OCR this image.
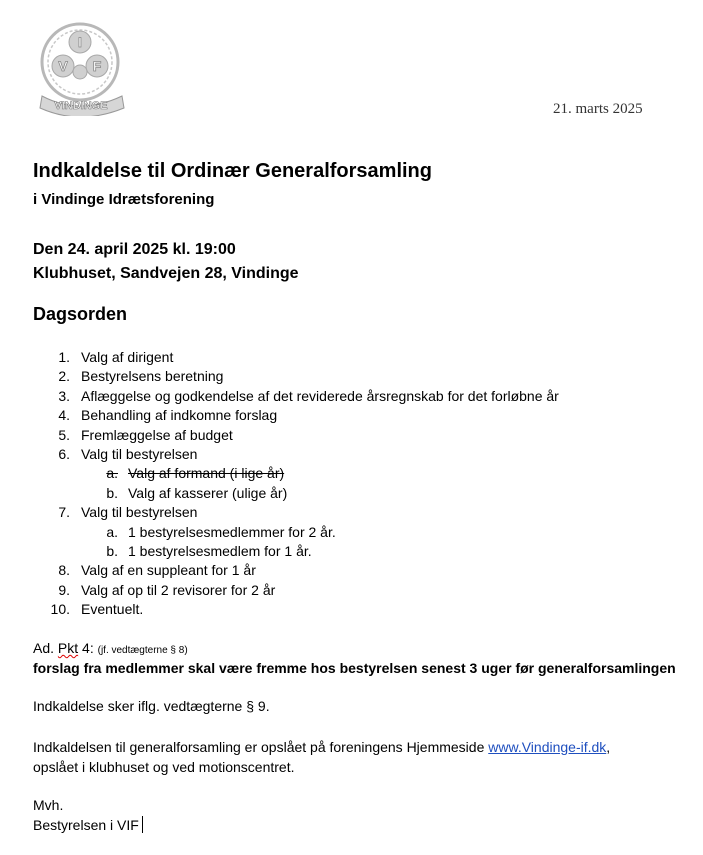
I
V F
VINDINGE	21. marts 2025
Indkaldelse til Ordinær Generalforsamling
i Vindinge Idrætsforening
Den 24. april 2025 kl. 19:00
Klubhuset, Sandvejen 28, Vindinge
Dagsorden
1. Valg af dirigent
2. Bestyrelsens beretning
3. Aflæggelse og godkendelse af det reviderede årsregnskab for det forløbne år
4. Behandling af indkomne forslag
5. Fremlæggelse af budget
6. Valg til bestyrelsen
a. Valg af formand (i lige år)
b. Valg af kasserer (ulige år)
7. Valg til bestyrelsen
a. 1 bestyrelsesmedlemmer for 2 år.
b. 1 bestyrelsesmedlem for 1 år.
8. Valg af en suppleant for 1 år
9. Valg af op til 2 revisorer for 2 år
10. Eventuelt.
Ad. Pkt 4: (jf. vedtægterne § 8)
forslag fra medlemmer skal være fremme hos bestyrelsen senest 3 uger før generalforsamlingen
Indkaldelse sker iflg. vedtægterne § 9.
Indkaldelsen til generalforsamling er opslået på foreningens Hjemmeside www.Vindinge-if.dk,
opslået i klubhuset og ved motionscentret.
Mvh.
Bestyrelsen i VIF
